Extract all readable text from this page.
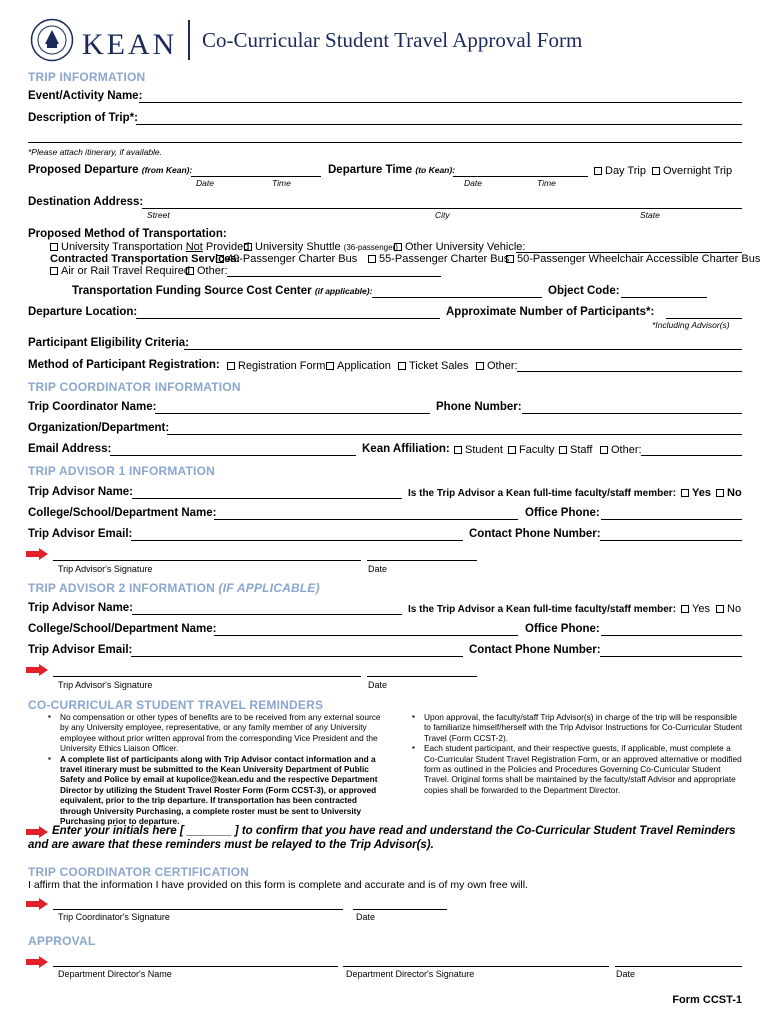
KEAN Co-Curricular Student Travel Approval Form
TRIP INFORMATION
Event/Activity Name:
Description of Trip*:
*Please attach itinerary, if available.
Proposed Departure (from Kean):	Departure Time (to Kean):	Day Trip	Overnight Trip
Date	Time	Date	Time
Destination Address:
Street	City	State
Proposed Method of Transportation:
University Transportation Not Provided University Shuttle (36-passenger) Other University Vehicle:
Contracted Transportation Services:
49-Passenger Charter Bus	55-Passenger Charter Bus 50-Passenger Wheelchair Accessible Charter Bus
Air or Rail Travel Required Other:
Transportation Funding Source Cost Center (if applicable):	Object Code:
Departure Location:	Approximate Number of Participants*:
*Including Advisor(s)
Participant Eligibility Criteria:
Method of Participant Registration:	Registration Form	Application	Ticket Sales	Other:
TRIP COORDINATOR INFORMATION
Trip Coordinator Name:	Phone Number:
Organization/Department:
Email Address:	Kean Affiliation:	Student	Faculty	Staff	Other:
TRIP ADVISOR 1 INFORMATION
Trip Advisor Name:	Is the Trip Advisor a Kean full-time faculty/staff member:	Yes	No
College/School/Department Name:	Office Phone:
Trip Advisor Email:	Contact Phone Number:
Trip Advisor's Signature	Date
TRIP ADVISOR 2 INFORMATION (IF APPLICABLE)
Trip Advisor Name:	Is the Trip Advisor a Kean full-time faculty/staff member:	Yes	No
College/School/Department Name:	Office Phone:
Trip Advisor Email:	Contact Phone Number:
Trip Advisor's Signature	Date
CO-CURRICULAR STUDENT TRAVEL REMINDERS
▪ No compensation or other types of benefits are to be received from any external source by any University employee, representative, or any family member of any University employee without prior written approval from the corresponding Vice President and the University Ethics Liaison Officer.
▪ A complete list of participants along with Trip Advisor contact information and a travel itinerary must be submitted to the Kean University Department of Public Safety and Police by email at kupolice@kean.edu and the respective Department Director by utilizing the Student Travel Roster Form (Form CCST-3), or approved equivalent, prior to the trip departure. If transportation has been contracted through University Purchasing, a complete roster must be sent to University Purchasing prior to departure.
▪ Upon approval, the faculty/staff Trip Advisor(s) in charge of the trip will be responsible to familiarize himself/herself with the Trip Advisor Instructions for Co-Curricular Student Travel (Form CCST-2).
▪ Each student participant, and their respective guests, if applicable, must complete a Co-Curricular Student Travel Registration Form, or an approved alternative or modified form as outlined in the Policies and Procedures Governing Co-Curricular Student Travel. Original forms shall be maintained by the faculty/staff Advisor and appropriate copies shall be forwarded to the Department Director.
Enter your initials here [ _______ ] to confirm that you have read and understand the Co-Curricular Student Travel Reminders
and are aware that these reminders must be relayed to the Trip Advisor(s).
TRIP COORDINATOR CERTIFICATION
I affirm that the information I have provided on this form is complete and accurate and is of my own free will.
Trip Coordinator's Signature	Date
APPROVAL
Department Director's Name	Department Director's Signature	Date
Form CCST-1
